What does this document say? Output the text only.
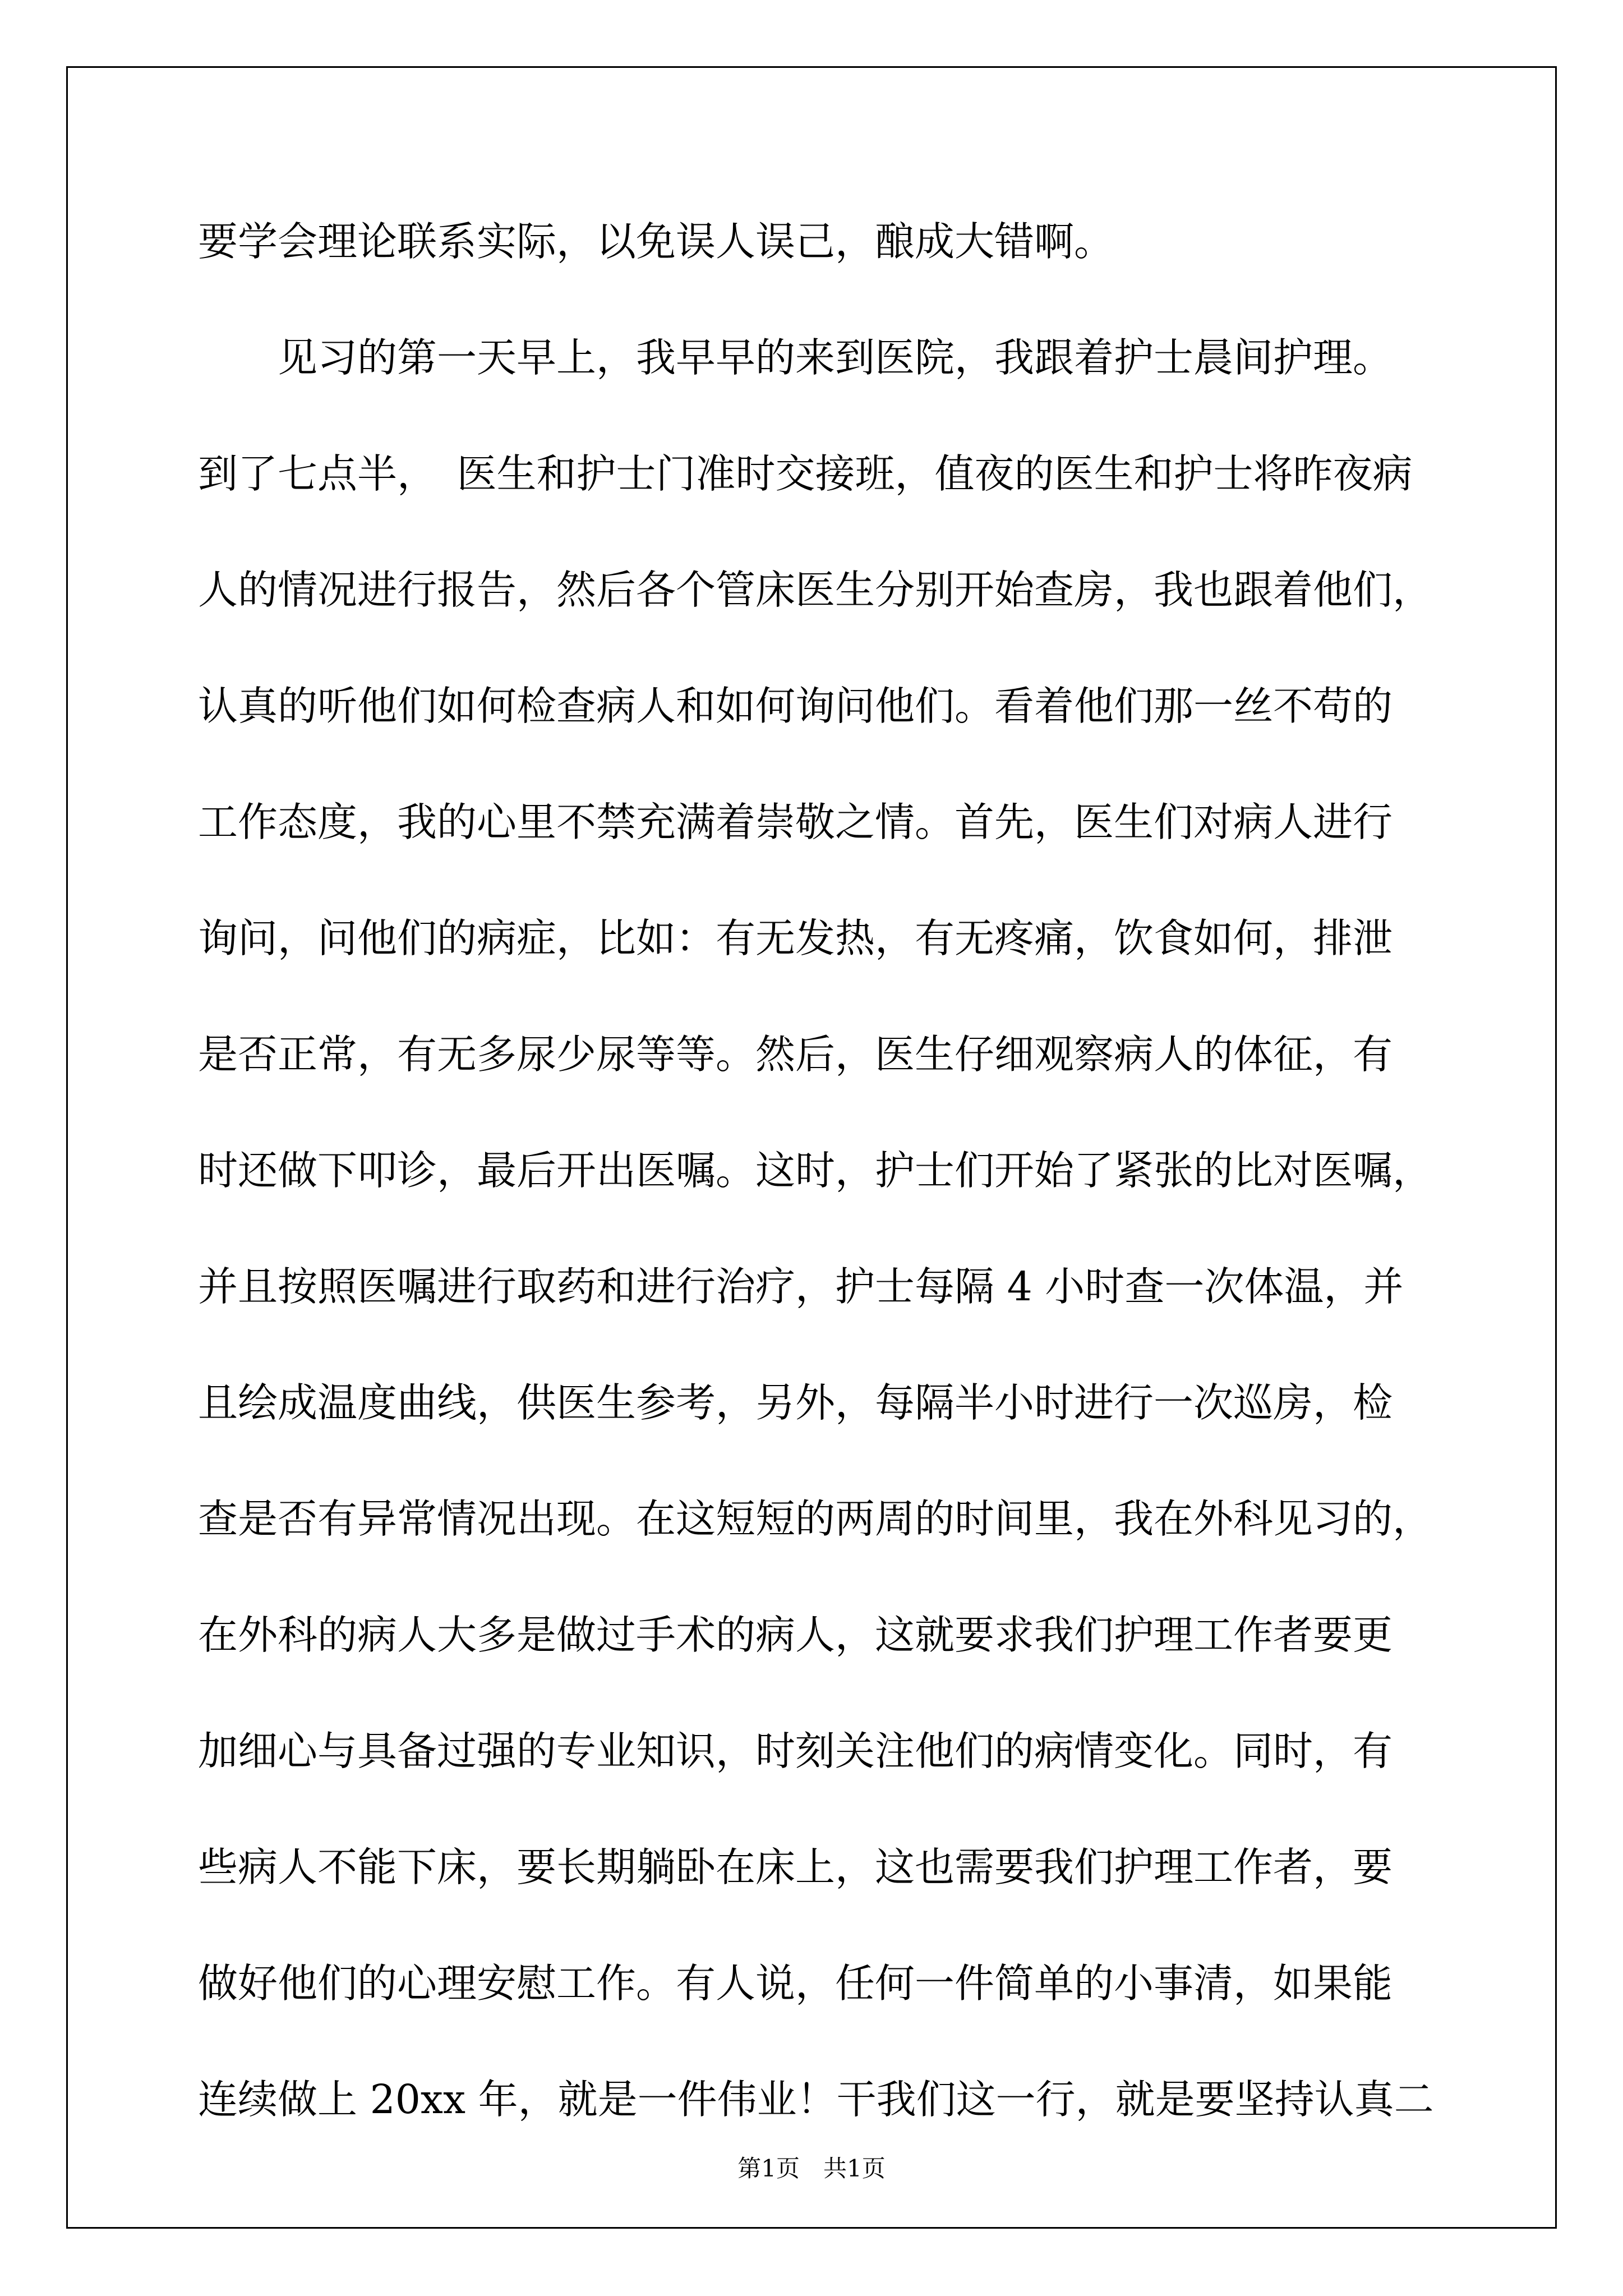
要学会理论联系实际，以免误人误己，酿成大错啊。
　　见习的第一天早上，我早早的来到医院，我跟着护士晨间护理。
到了七点半，　医生和护士门准时交接班，值夜的医生和护士将昨夜病
人的情况进行报告，然后各个管床医生分别开始查房，我也跟着他们，
认真的听他们如何检查病人和如何询问他们。看着他们那一丝不苟的
工作态度，我的心里不禁充满着崇敬之情。首先，医生们对病人进行
询问，问他们的病症，比如：有无发热，有无疼痛，饮食如何，排泄
是否正常，有无多尿少尿等等。然后，医生仔细观察病人的体征，有
时还做下叩诊，最后开出医嘱。这时，护士们开始了紧张的比对医嘱，
并且按照医嘱进行取药和进行治疗，护士每隔 4 小时查一次体温，并
且绘成温度曲线，供医生参考，另外，每隔半小时进行一次巡房，检
查是否有异常情况出现。在这短短的两周的时间里，我在外科见习的，
在外科的病人大多是做过手术的病人，这就要求我们护理工作者要更
加细心与具备过强的专业知识，时刻关注他们的病情变化。同时，有
些病人不能下床，要长期躺卧在床上，这也需要我们护理工作者，要
做好他们的心理安慰工作。有人说，任何一件简单的小事清，如果能
连续做上 20xx 年，就是一件伟业！干我们这一行，就是要坚持认真二
第1页　共1页
